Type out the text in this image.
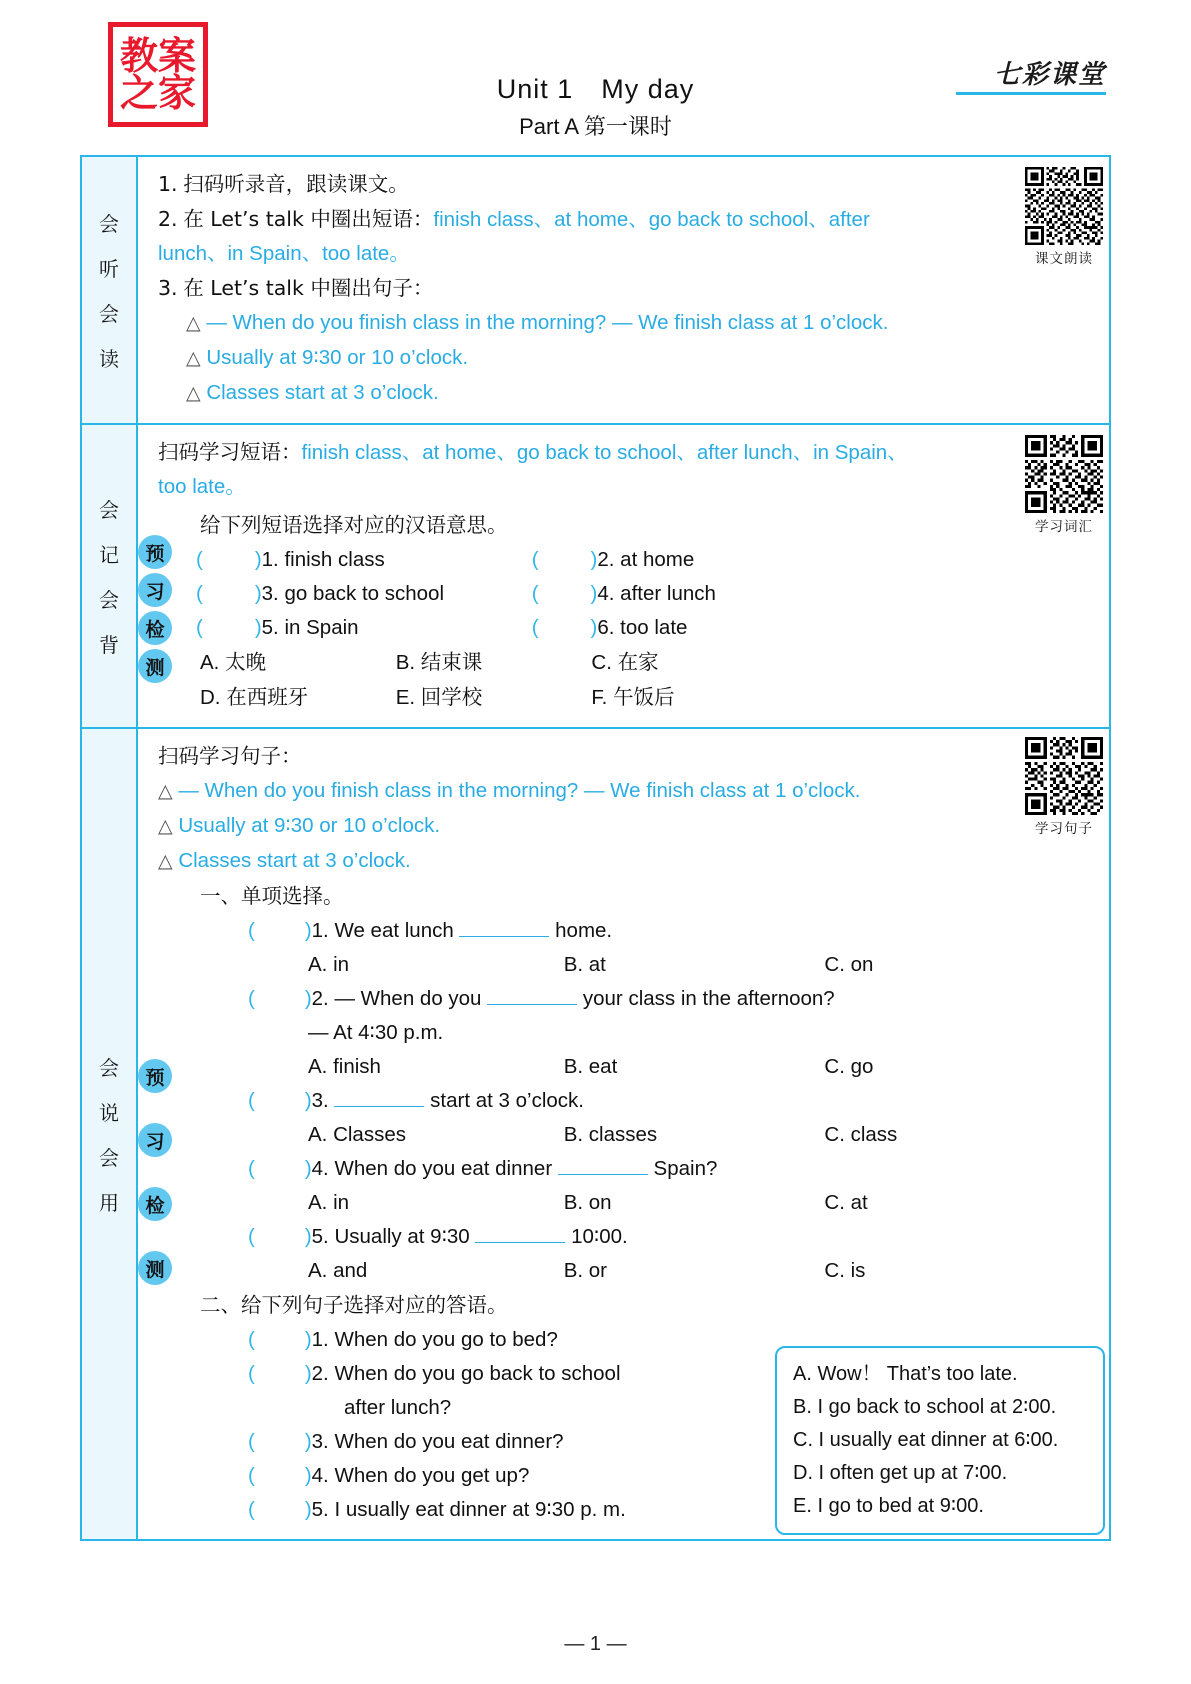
教案之家	Unit 1 My day
Part A 第一课时
七彩课堂
会
听
会
读
课文朗读
1. 扫码听录音，跟读课文。
2. 在 Let’s talk 中圈出短语：finish class、at home、go back to school、after
lunch、in Spain、too late。
3. 在 Let’s talk 中圈出句子：
△ — When do you finish class in the morning? — We finish class at 1 o’clock.
△ Usually at 9∶30 or 10 o’clock.
△ Classes start at 3 o’clock.
会
记
会
背
学习词汇
扫码学习短语：finish class、at home、go back to school、after lunch、in Spain、
too late。
预
习
检
测
给下列短语选择对应的汉语意思。
(	)1. finish class	(	)2. at home
(	)3. go back to school	(	)4. after lunch
(	)5. in Spain	(	)6. too late
A. 太晚	B. 结束课	C. 在家
D. 在西班牙	E. 回学校	F. 午饭后
会
说
会
用
学习句子
扫码学习句子：
△ — When do you finish class in the morning? — We finish class at 1 o’clock.
△ Usually at 9∶30 or 10 o’clock.
△ Classes start at 3 o’clock.
预
习
检
测
一、单项选择。
( )1. We eat lunch	home.
A. in	B. at	C. on
( )2. — When do you	your class in the afternoon?
— At 4∶30 p.m.
A. finish	B. eat	C. go
( )3.	start at 3 o’clock.
A. Classes	B. classes	C. class
( )4. When do you eat dinner	Spain?
A. in	B. on	C. at
( )5. Usually at 9∶30	10∶00.
A. and	B. or	C. is
二、给下列句子选择对应的答语。
( )1. When do you go to bed?
( )2. When do you go back to school
after lunch?
( )3. When do you eat dinner?
( )4. When do you get up?
( )5. I usually eat dinner at 9∶30 p. m.
A. Wow！ That’s too late.
B. I go back to school at 2∶00.
C. I usually eat dinner at 6∶00.
D. I often get up at 7∶00.
E. I go to bed at 9∶00.
— 1 —
